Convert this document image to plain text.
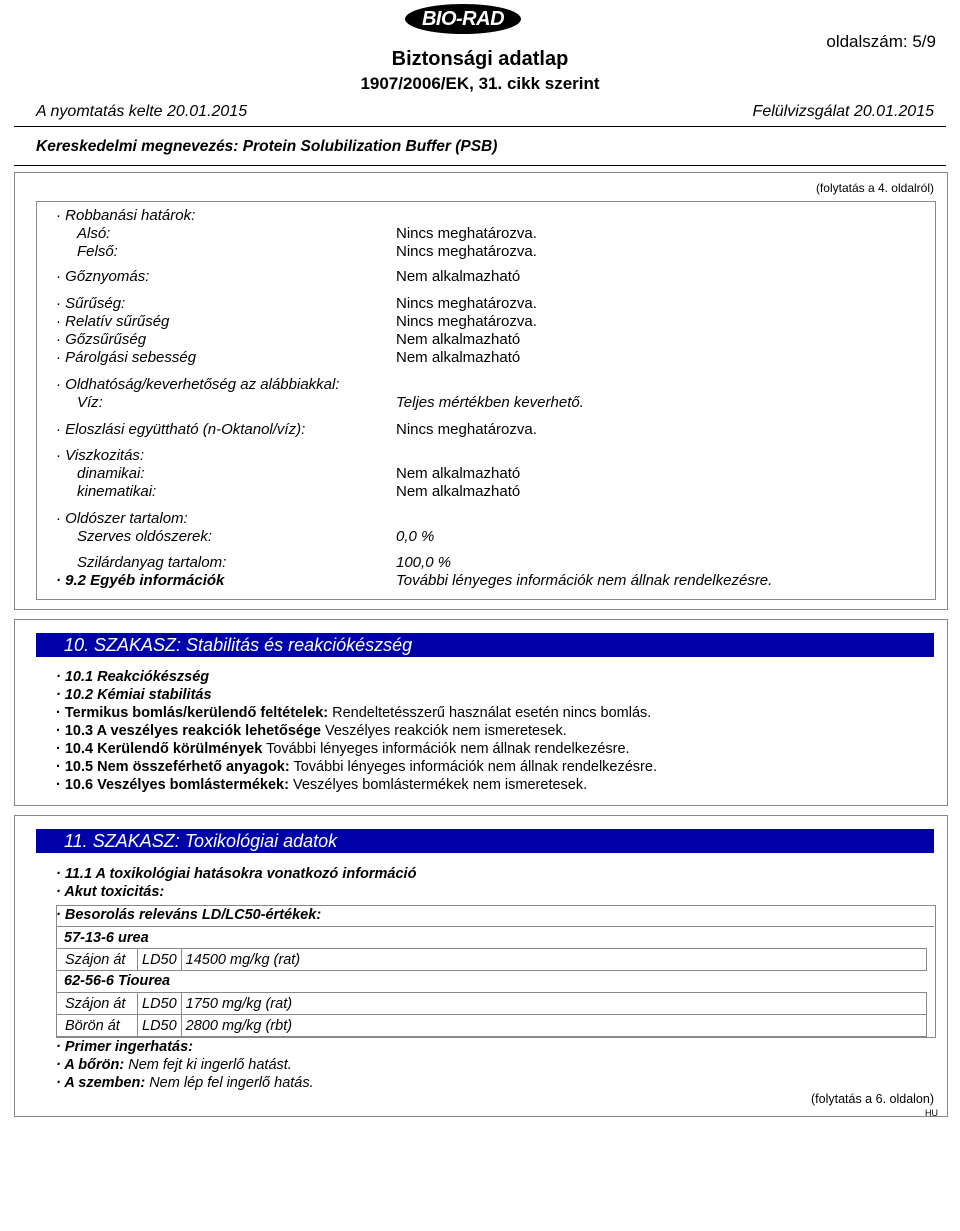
BIO-RAD
Biztonsági adatlap
1907/2006/EK, 31. cikk szerint
oldalszám: 5/9
A nyomtatás kelte 20.01.2015	Felülvizsgálat 20.01.2015
Kereskedelmi megnevezés: Protein Solubilization Buffer (PSB)
(folytatás a 4. oldalról)
· Robbanási határok:
Alsó:	Nincs meghatározva.
Felső:	Nincs meghatározva.
· Gőznyomás:	Nem alkalmazható
· Sűrűség:	Nincs meghatározva.
· Relatív sűrűség	Nincs meghatározva.
· Gőzsűrűség	Nem alkalmazható
· Párolgási sebesség	Nem alkalmazható
· Oldhatóság/keverhetőség az alábbiakkal:
Víz:	Teljes mértékben keverhető.
· Eloszlási együttható (n-Oktanol/víz):	Nincs meghatározva.
· Viszkozitás:
dinamikai:	Nem alkalmazható
kinematikai:	Nem alkalmazható
· Oldószer tartalom:
Szerves oldószerek:	0,0 %
Szilárdanyag tartalom:	100,0 %
· 9.2 Egyéb információk	További lényeges információk nem állnak rendelkezésre.
10. SZAKASZ: Stabilitás és reakciókészség
· 10.1 Reakciókészség
· 10.2 Kémiai stabilitás
· Termikus bomlás/kerülendő feltételek: Rendeltetésszerű használat esetén nincs bomlás.
· 10.3 A veszélyes reakciók lehetősége Veszélyes reakciók nem ismeretesek.
· 10.4 Kerülendő körülmények További lényeges információk nem állnak rendelkezésre.
· 10.5 Nem összeférhető anyagok: További lényeges információk nem állnak rendelkezésre.
· 10.6 Veszélyes bomlástermékek: Veszélyes bomlástermékek nem ismeretesek.
11. SZAKASZ: Toxikológiai adatok
· 11.1 A toxikológiai hatásokra vonatkozó információ
· Akut toxicitás:
· Besorolás releváns LD/LC50-értékek:
57-13-6 urea
Szájon át	LD50	14500 mg/kg (rat)
62-56-6 Tiourea
Szájon át	LD50	1750 mg/kg (rat)
Börön át	LD50	2800 mg/kg (rbt)
· Primer ingerhatás:
· A bőrön: Nem fejt ki ingerlő hatást.
· A szemben: Nem lép fel ingerlő hatás.
(folytatás a 6. oldalon)
HU
